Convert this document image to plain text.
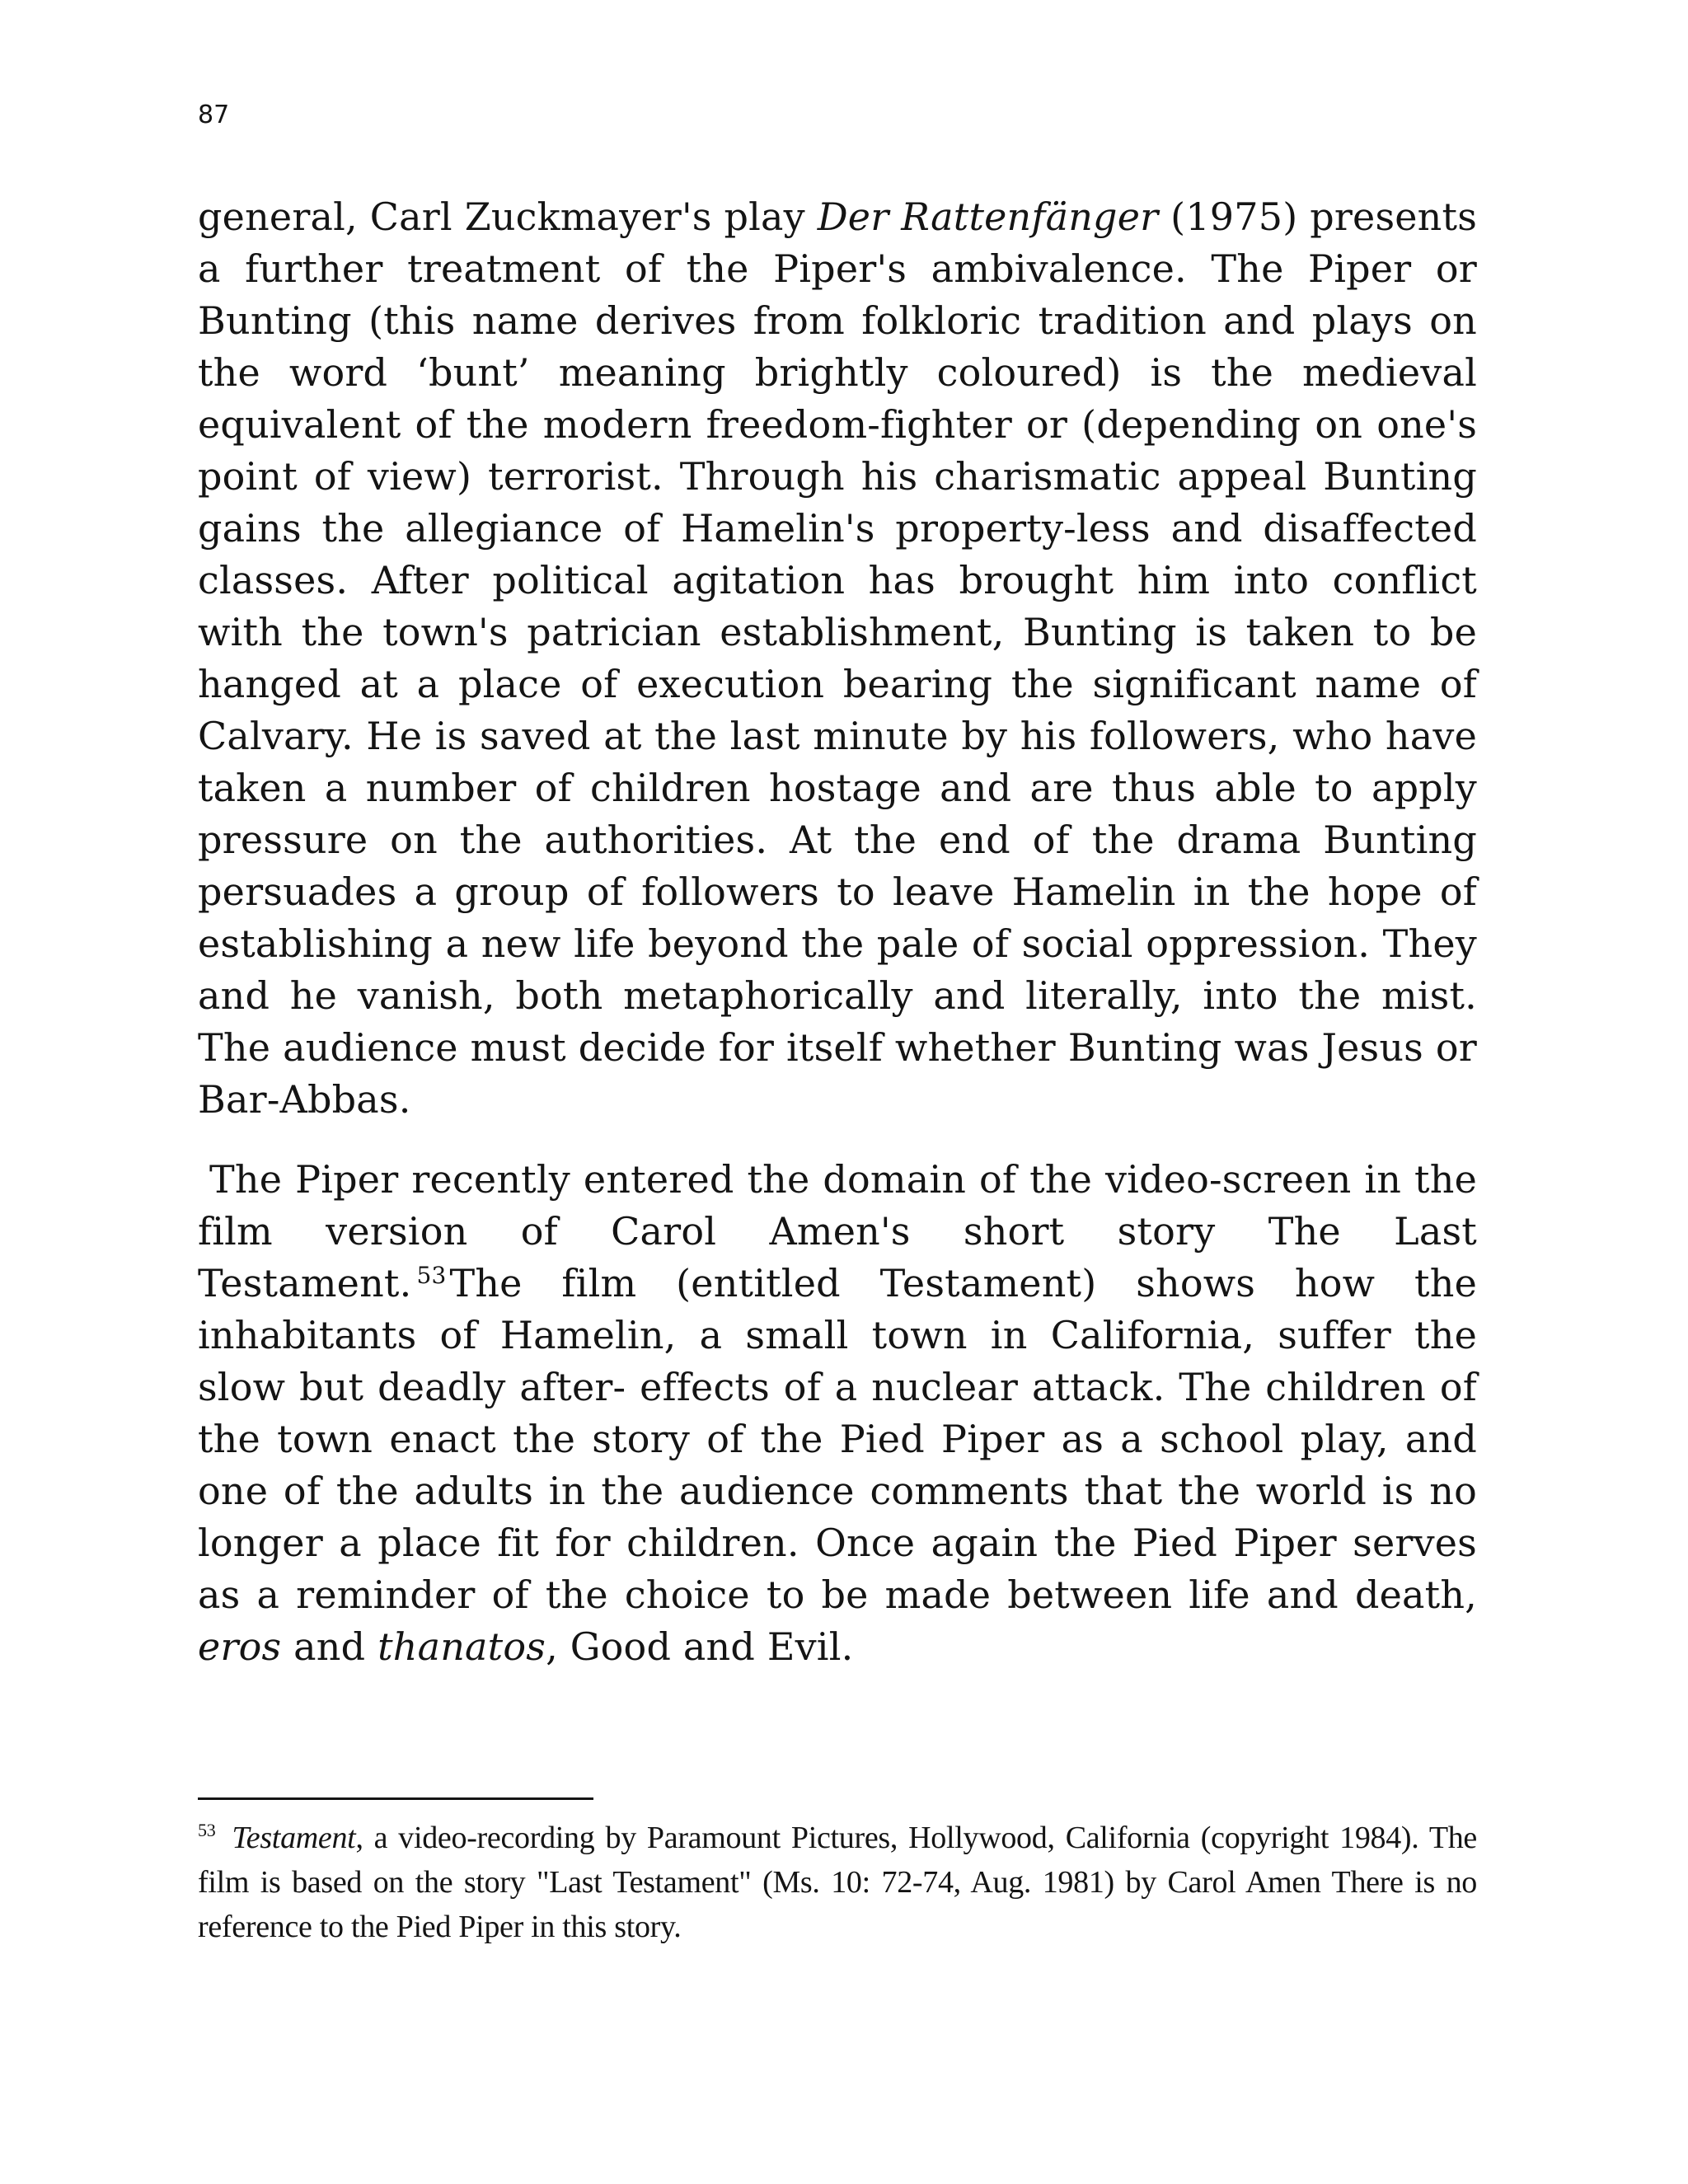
87

general, Carl Zuckmayer's play Der Rattenfänger (1975) presents a further treatment of the Piper's ambivalence. The Piper or Bunting (this name derives from folkloric tradition and plays on the word ‘bunt’ meaning brightly coloured) is the medieval equivalent of the modern freedom-fighter or (depending on one's point of view) terrorist. Through his charismatic appeal Bunting gains the allegiance of Hamelin's property-less and disaffected classes. After political agitation has brought him into conflict with the town's patrician establishment, Bunting is taken to be hanged at a place of execution bearing the significant name of Calvary. He is saved at the last minute by his followers, who have taken a number of children hostage and are thus able to apply pressure on the authorities. At the end of the drama Bunting persuades a group of followers to leave Hamelin in the hope of establishing a new life beyond the pale of social oppression. They and he vanish, both metaphorically and literally, into the mist. The audience must decide for itself whether Bunting was Jesus or Bar-Abbas.

The Piper recently entered the domain of the video-screen in the film version of Carol Amen's short story The Last Testament. $^{53}$The film (entitled Testament) shows how the inhabitants of Hamelin, a small town in California, suffer the slow but deadly after- effects of a nuclear attack. The children of the town enact the story of the Pied Piper as a school play, and one of the adults in the audience comments that the world is no longer a place fit for children. Once again the Pied Piper serves as a reminder of the choice to be made between life and death, eros and thanatos, Good and Evil.

$^{53}$ Testament, a video-recording by Paramount Pictures, Hollywood, California (copyright 1984). The film is based on the story "Last Testament" (Ms. 10: 72-74, Aug. 1981) by Carol Amen There is no reference to the Pied Piper in this story.
